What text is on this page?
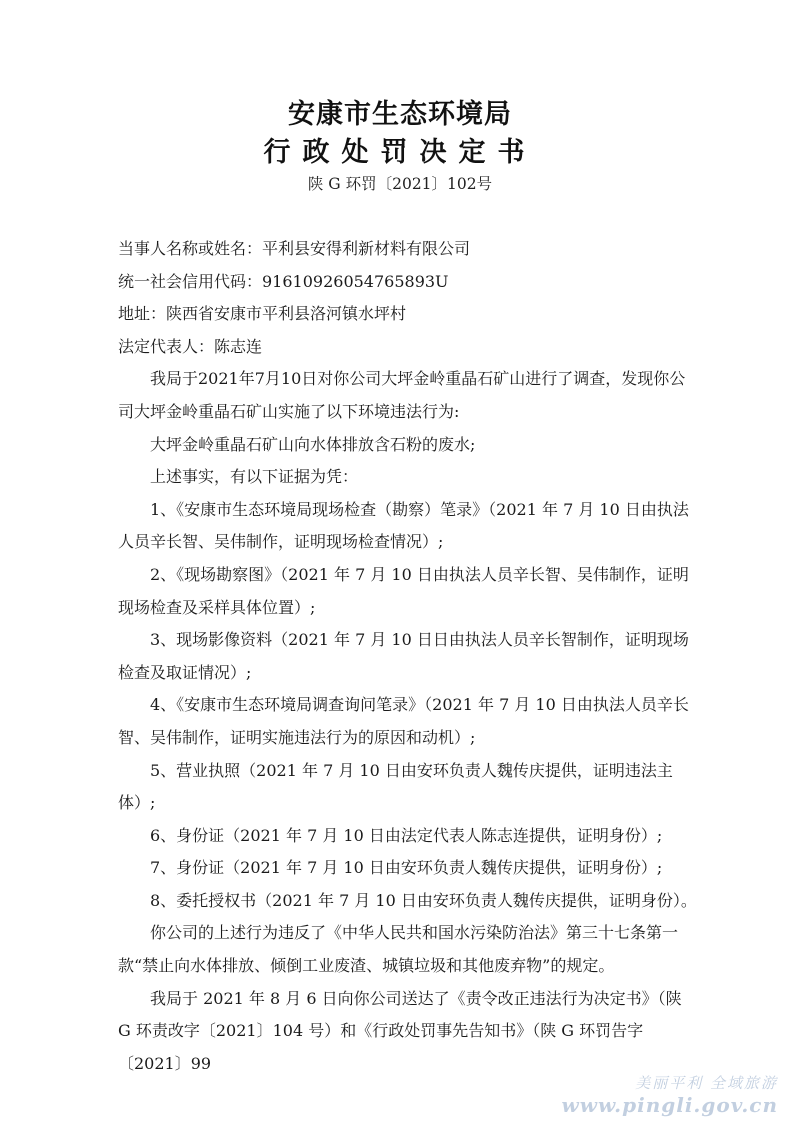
安康市生态环境局
行政处罚决定书
陕 G 环罚〔2021〕102号

当事人名称或姓名：平利县安得利新材料有限公司

统一社会信用代码：91610926054765893U

地址：陕西省安康市平利县洛河镇水坪村

法定代表人：陈志连

我局于2021年7月10日对你公司大坪金岭重晶石矿山进行了调查，发现你公司大坪金岭重晶石矿山实施了以下环境违法行为:

大坪金岭重晶石矿山向水体排放含石粉的废水;

上述事实，有以下证据为凭：

1、《安康市生态环境局现场检查（勘察）笔录》（2021 年 7 月 10 日由执法人员辛长智、吴伟制作，证明现场检查情况）;

2、《现场勘察图》（2021 年 7 月 10 日由执法人员辛长智、吴伟制作，证明现场检查及采样具体位置）;

3、现场影像资料（2021 年 7 月 10 日日由执法人员辛长智制作，证明现场检查及取证情况）;

4、《安康市生态环境局调查询问笔录》（2021 年 7 月 10 日由执法人员辛长智、吴伟制作，证明实施违法行为的原因和动机）;

5、营业执照（2021 年 7 月 10 日由安环负责人魏传庆提供，证明违法主体）;

6、身份证（2021 年 7 月 10 日由法定代表人陈志连提供，证明身份）;

7、身份证（2021 年 7 月 10 日由安环负责人魏传庆提供，证明身份）;

8、委托授权书（2021 年 7 月 10 日由安环负责人魏传庆提供，证明身份）。

你公司的上述行为违反了《中华人民共和国水污染防治法》第三十七条第一款“禁止向水体排放、倾倒工业废渣、城镇垃圾和其他废弃物”的规定。

我局于 2021 年 8 月 6 日向你公司送达了《责令改正违法行为决定书》（陕 G 环责改字〔2021〕104 号）和《行政处罚事先告知书》（陕 G 环罚告字〔2021〕99

美丽平利 全域旅游
www.pingli.gov.cn
